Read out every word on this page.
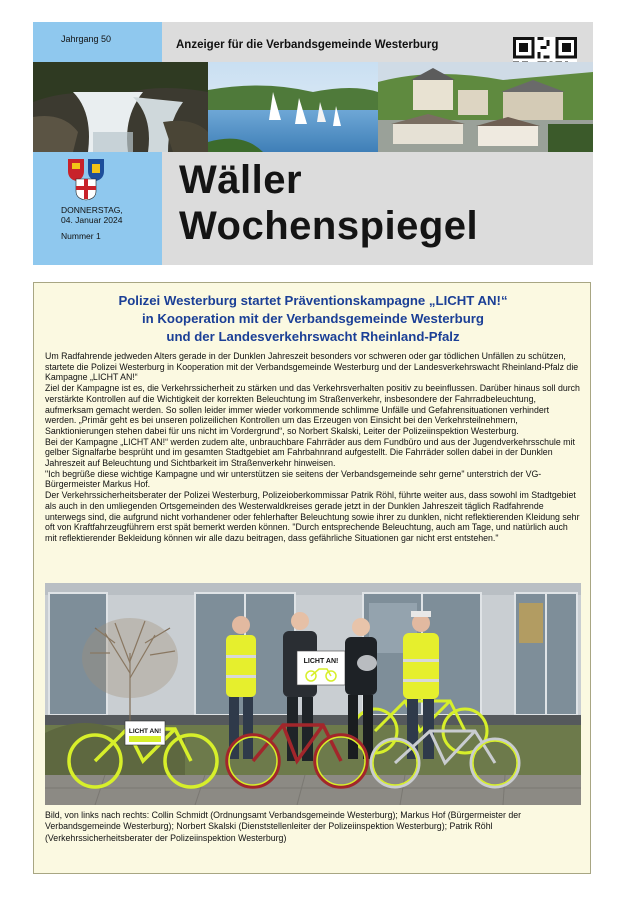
Jahrgang 50	Anzeiger für die Verbandsgemeinde Westerburg
DONNERSTAG,
04. Januar 2024
Nummer 1
Wäller
Wochenspiegel
Polizei Westerburg startet Präventionskampagne „LICHT AN!“
in Kooperation mit der Verbandsgemeinde Westerburg
und der Landesverkehrswacht Rheinland-Pfalz

Um Radfahrende jedweden Alters gerade in der Dunklen Jahreszeit besonders vor schweren oder gar tödlichen Unfällen zu schützen, startete die Polizei Westerburg in Kooperation mit der Verbandsgemeinde Westerburg und der Landesverkehrswacht Rheinland-Pfalz die Kampagne „LICHT AN!“

Ziel der Kampagne ist es, die Verkehrssicherheit zu stärken und das Verkehrsverhalten positiv zu beeinflussen. Darüber hinaus soll durch verstärkte Kontrollen auf die Wichtigkeit der korrekten Beleuchtung im Straßenverkehr, insbesondere der Fahrradbeleuchtung, aufmerksam gemacht werden. So sollen leider immer wieder vorkommende schlimme Unfälle und Gefahrensituationen verhindert werden. „Primär geht es bei unseren polizeilichen Kontrollen um das Erzeugen von Einsicht bei den Verkehrsteilnehmern, Sanktionierungen stehen dabei für uns nicht im Vordergrund“, so Norbert Skalski, Leiter der Polizeiinspektion Westerburg.

Bei der Kampagne „LICHT AN!“ werden zudem alte, unbrauchbare Fahrräder aus dem Fundbüro und aus der Jugendverkehrsschule mit gelber Signalfarbe besprüht und im gesamten Stadtgebiet am Fahrbahnrand aufgestellt. Die Fahrräder sollen dabei in der Dunklen Jahreszeit auf Beleuchtung und Sichtbarkeit im Straßenverkehr hinweisen.

"Ich begrüße diese wichtige Kampagne und wir unterstützen sie seitens der Verbandsgemeinde sehr gerne" unterstrich der VG-Bürgermeister Markus Hof.

Der Verkehrssicherheitsberater der Polizei Westerburg, Polizeioberkommissar Patrik Röhl, führte weiter aus, dass sowohl im Stadtgebiet als auch in den umliegenden Ortsgemeinden des Westerwaldkreises gerade jetzt in der Dunklen Jahreszeit täglich Radfahrende unterwegs sind, die aufgrund nicht vorhandener oder fehlerhafter Beleuchtung sowie ihrer zu dunklen, nicht reflektierenden Kleidung sehr oft von Kraftfahrzeugführern erst spät bemerkt werden können. "Durch entsprechende Beleuchtung, auch am Tage, und natürlich auch mit reflektierender Bekleidung können wir alle dazu beitragen, dass gefährliche Situationen gar nicht erst entstehen."

LICHT AN!
LICHT AN!
Bild, von links nach rechts: Collin Schmidt (Ordnungsamt Verbandsgemeinde Westerburg); Markus Hof (Bürgermeister der Verbandsgemeinde Westerburg); Norbert Skalski (Dienststellenleiter der Polizeiinspektion Westerburg); Patrik Röhl (Verkehrssicherheitsberater der Polizeiinspektion Westerburg)
